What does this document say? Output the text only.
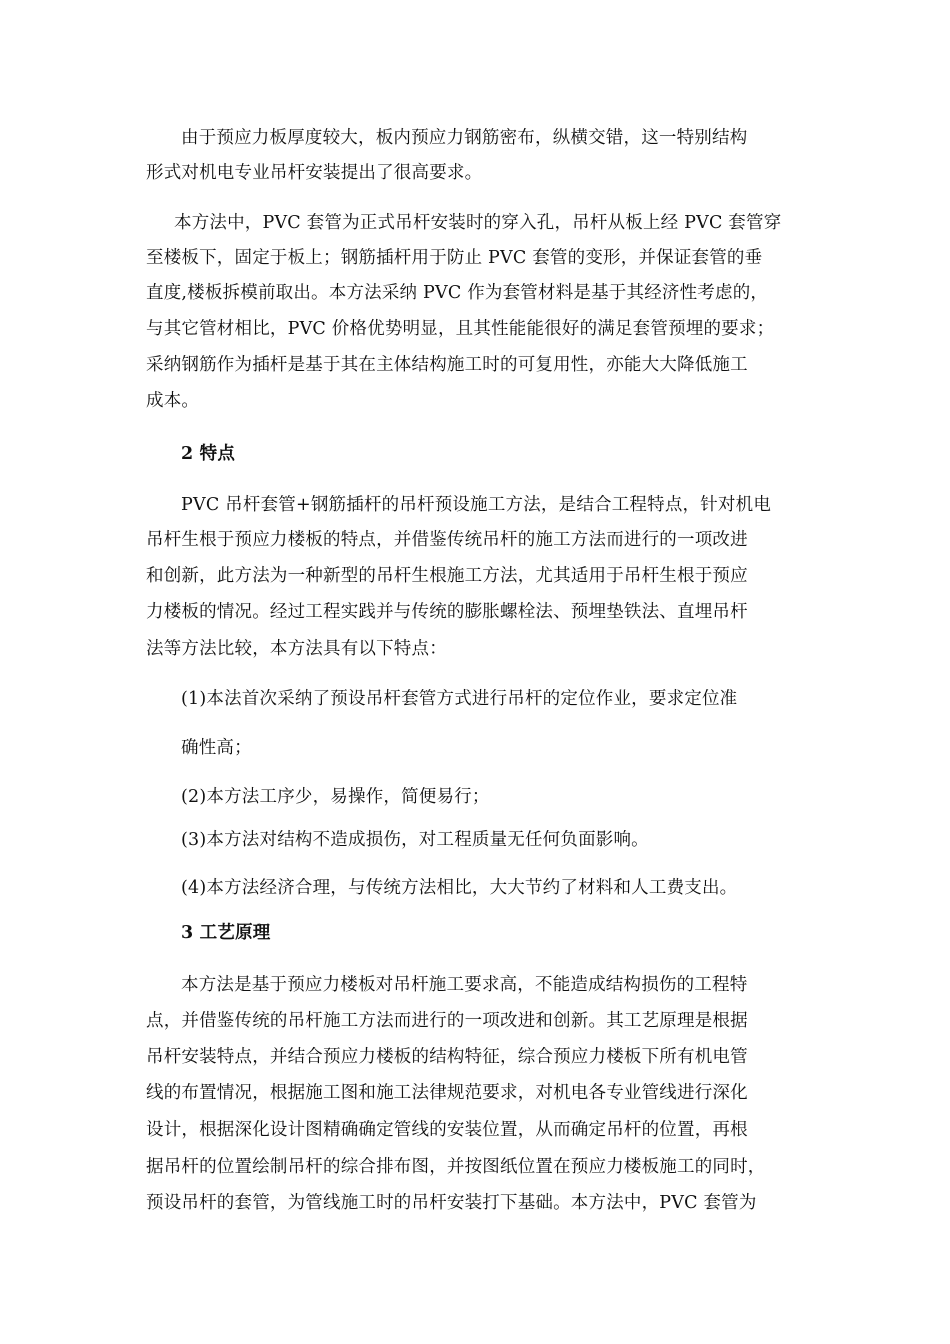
由于预应力板厚度较大，板内预应力钢筋密布，纵横交错，这一特别结构
形式对机电专业吊杆安装提出了很高要求。
本方法中，PVC 套管为正式吊杆安装时的穿入孔，吊杆从板上经 PVC 套管穿
至楼板下，固定于板上；钢筋插杆用于防止 PVC 套管的变形，并保证套管的垂
直度,楼板拆模前取出。本方法采纳 PVC 作为套管材料是基于其经济性考虑的，
与其它管材相比，PVC 价格优势明显，且其性能能很好的满足套管预埋的要求；
采纳钢筋作为插杆是基于其在主体结构施工时的可复用性，亦能大大降低施工
成本。
2 特点
PVC 吊杆套管+钢筋插杆的吊杆预设施工方法，是结合工程特点，针对机电
吊杆生根于预应力楼板的特点，并借鉴传统吊杆的施工方法而进行的一项改进
和创新，此方法为一种新型的吊杆生根施工方法，尤其适用于吊杆生根于预应
力楼板的情况。经过工程实践并与传统的膨胀螺栓法、预埋垫铁法、直埋吊杆
法等方法比较，本方法具有以下特点：
(1)本法首次采纳了预设吊杆套管方式进行吊杆的定位作业，要求定位准
确性高；
(2)本方法工序少，易操作，简便易行；
(3)本方法对结构不造成损伤，对工程质量无任何负面影响。
(4)本方法经济合理，与传统方法相比，大大节约了材料和人工费支出。
3 工艺原理
本方法是基于预应力楼板对吊杆施工要求高，不能造成结构损伤的工程特
点，并借鉴传统的吊杆施工方法而进行的一项改进和创新。其工艺原理是根据
吊杆安装特点，并结合预应力楼板的结构特征，综合预应力楼板下所有机电管
线的布置情况，根据施工图和施工法律规范要求，对机电各专业管线进行深化
设计，根据深化设计图精确确定管线的安装位置，从而确定吊杆的位置，再根
据吊杆的位置绘制吊杆的综合排布图，并按图纸位置在预应力楼板施工的同时，
预设吊杆的套管，为管线施工时的吊杆安装打下基础。本方法中，PVC 套管为
